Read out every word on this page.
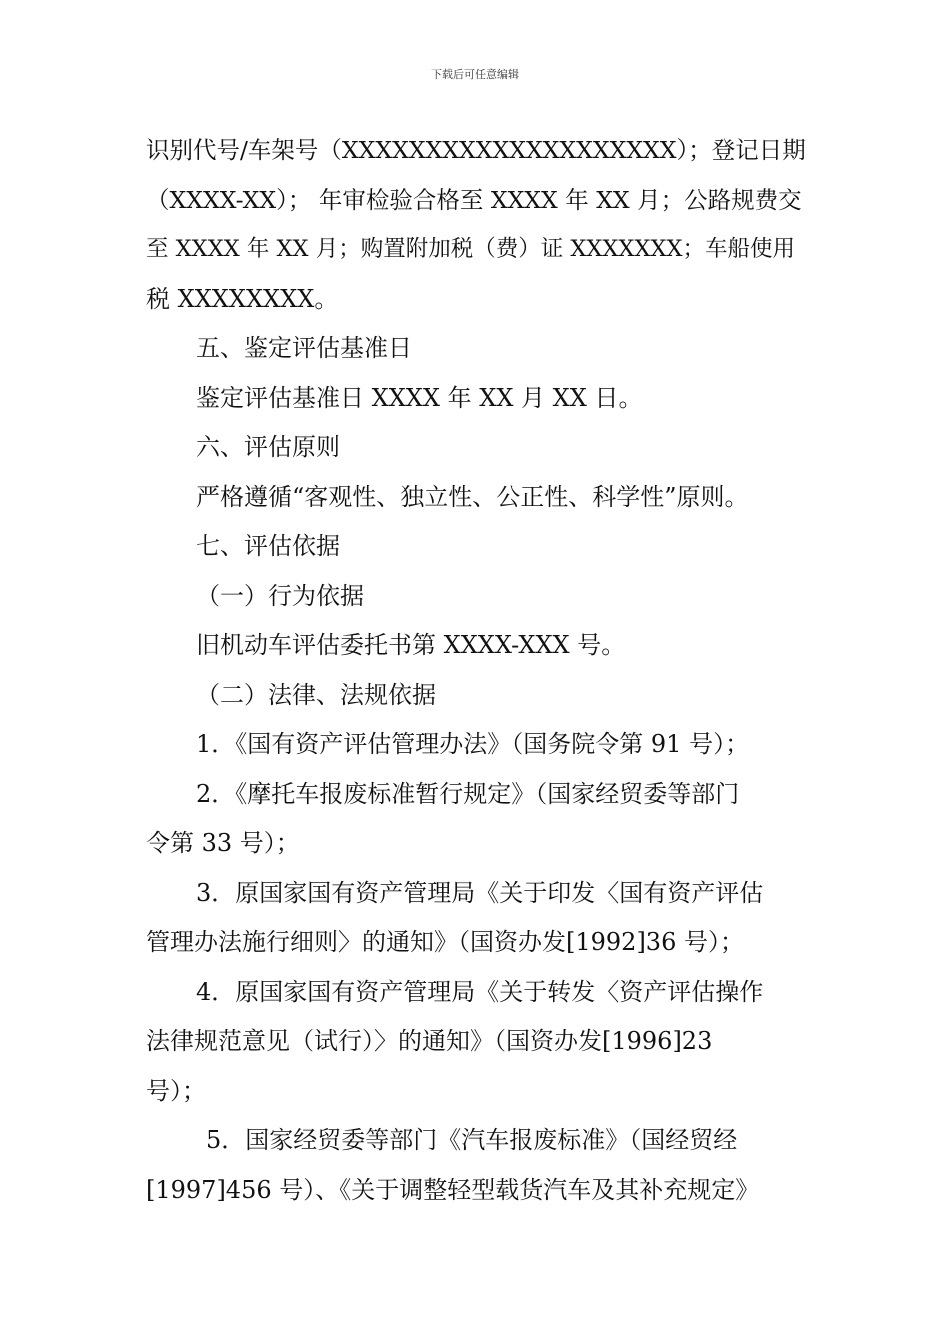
下载后可任意编辑
识别代号/车架号（XXXXXXXXXXXXXXXXXXXX）；登记日期
（XXXX-XX）； 年审检验合格至 XXXX 年 XX 月；公路规费交
至 XXXX 年 XX 月；购置附加税（费）证 XXXXXXX；车船使用
税 XXXXXXXX。
五、鉴定评估基准日
鉴定评估基准日 XXXX 年 XX 月 XX 日。
六、评估原则
严格遵循“客观性、独立性、公正性、科学性”原则。
七、评估依据
（一）行为依据
旧机动车评估委托书第 XXXX-XXX 号。
（二）法律、法规依据
1．《国有资产评估管理办法》（国务院令第 91 号）；
2．《摩托车报废标准暂行规定》（国家经贸委等部门
令第 33 号）；
3．原国家国有资产管理局《关于印发〈国有资产评估
管理办法施行细则〉的通知》（国资办发[1992]36 号）；
4．原国家国有资产管理局《关于转发〈资产评估操作
法律规范意见（试行）〉的通知》（国资办发[1996]23
号）；
5．国家经贸委等部门《汽车报废标准》（国经贸经
[1997]456 号）、《关于调整轻型载货汽车及其补充规定》
